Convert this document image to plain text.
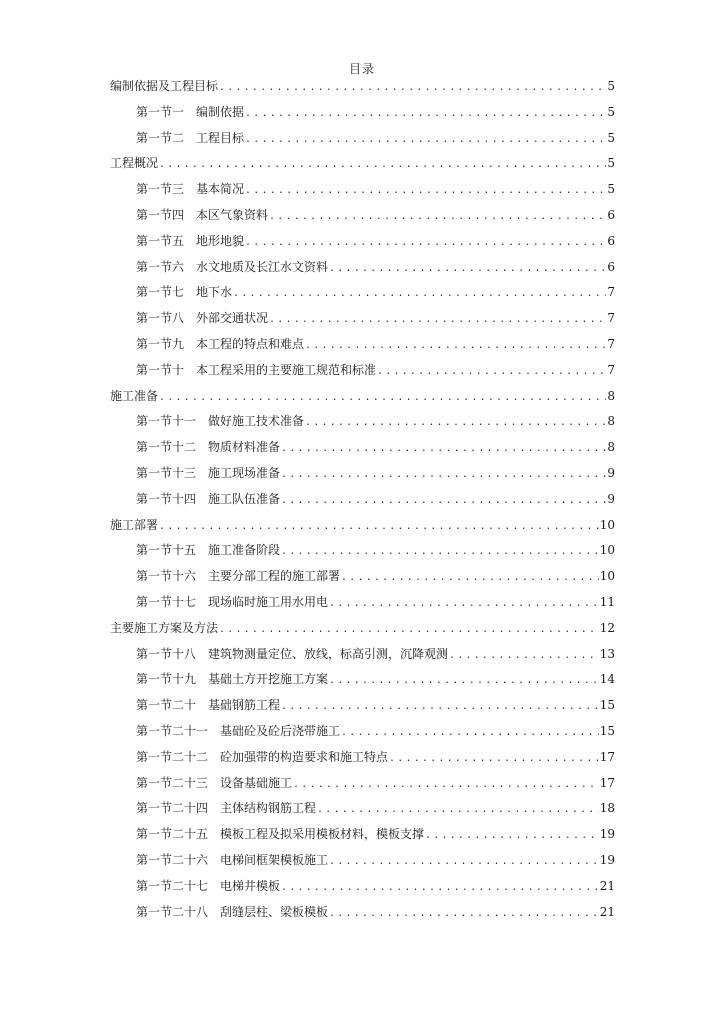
目录
编制依据及工程目标 .....	5
第一节一 编制依据 .....	5
第一节二 工程目标 .....	5
工程概况 .....	5
第一节三 基本简况 .....	5
第一节四 本区气象资料 .....	6
第一节五 地形地貌 .....	6
第一节六 水文地质及长江水文资料 .....	6
第一节七 地下水 .....	7
第一节八 外部交通状况 .....	7
第一节九 本工程的特点和难点 .....	7
第一节十 本工程采用的主要施工规范和标准 .....	7
施工准备 .....	8
第一节十一 做好施工技术准备 .....	8
第一节十二 物质材料准备 .....	8
第一节十三 施工现场准备 .....	9
第一节十四 施工队伍准备 .....	9
施工部署 .....	10
第一节十五 施工准备阶段 .....	10
第一节十六 主要分部工程的施工部署 .....	10
第一节十七 现场临时施工用水用电 .....	11
主要施工方案及方法 .....	12
第一节十八 建筑物测量定位、放线，标高引测，沉降观测 .....	13
第一节十九 基础土方开挖施工方案 .....	14
第一节二十 基础钢筋工程 .....	15
第一节二十一 基础砼及砼后浇带施工 .....	15
第一节二十二 砼加强带的构造要求和施工特点 .....	17
第一节二十三 设备基础施工 .....	17
第一节二十四 主体结构钢筋工程 .....	18
第一节二十五 模板工程及拟采用模板材料，模板支撑 .....	19
第一节二十六 电梯间框架模板施工 .....	19
第一节二十七 电梯井模板 .....	21
第一节二十八 刮缝层柱、梁板模板 .....	21
